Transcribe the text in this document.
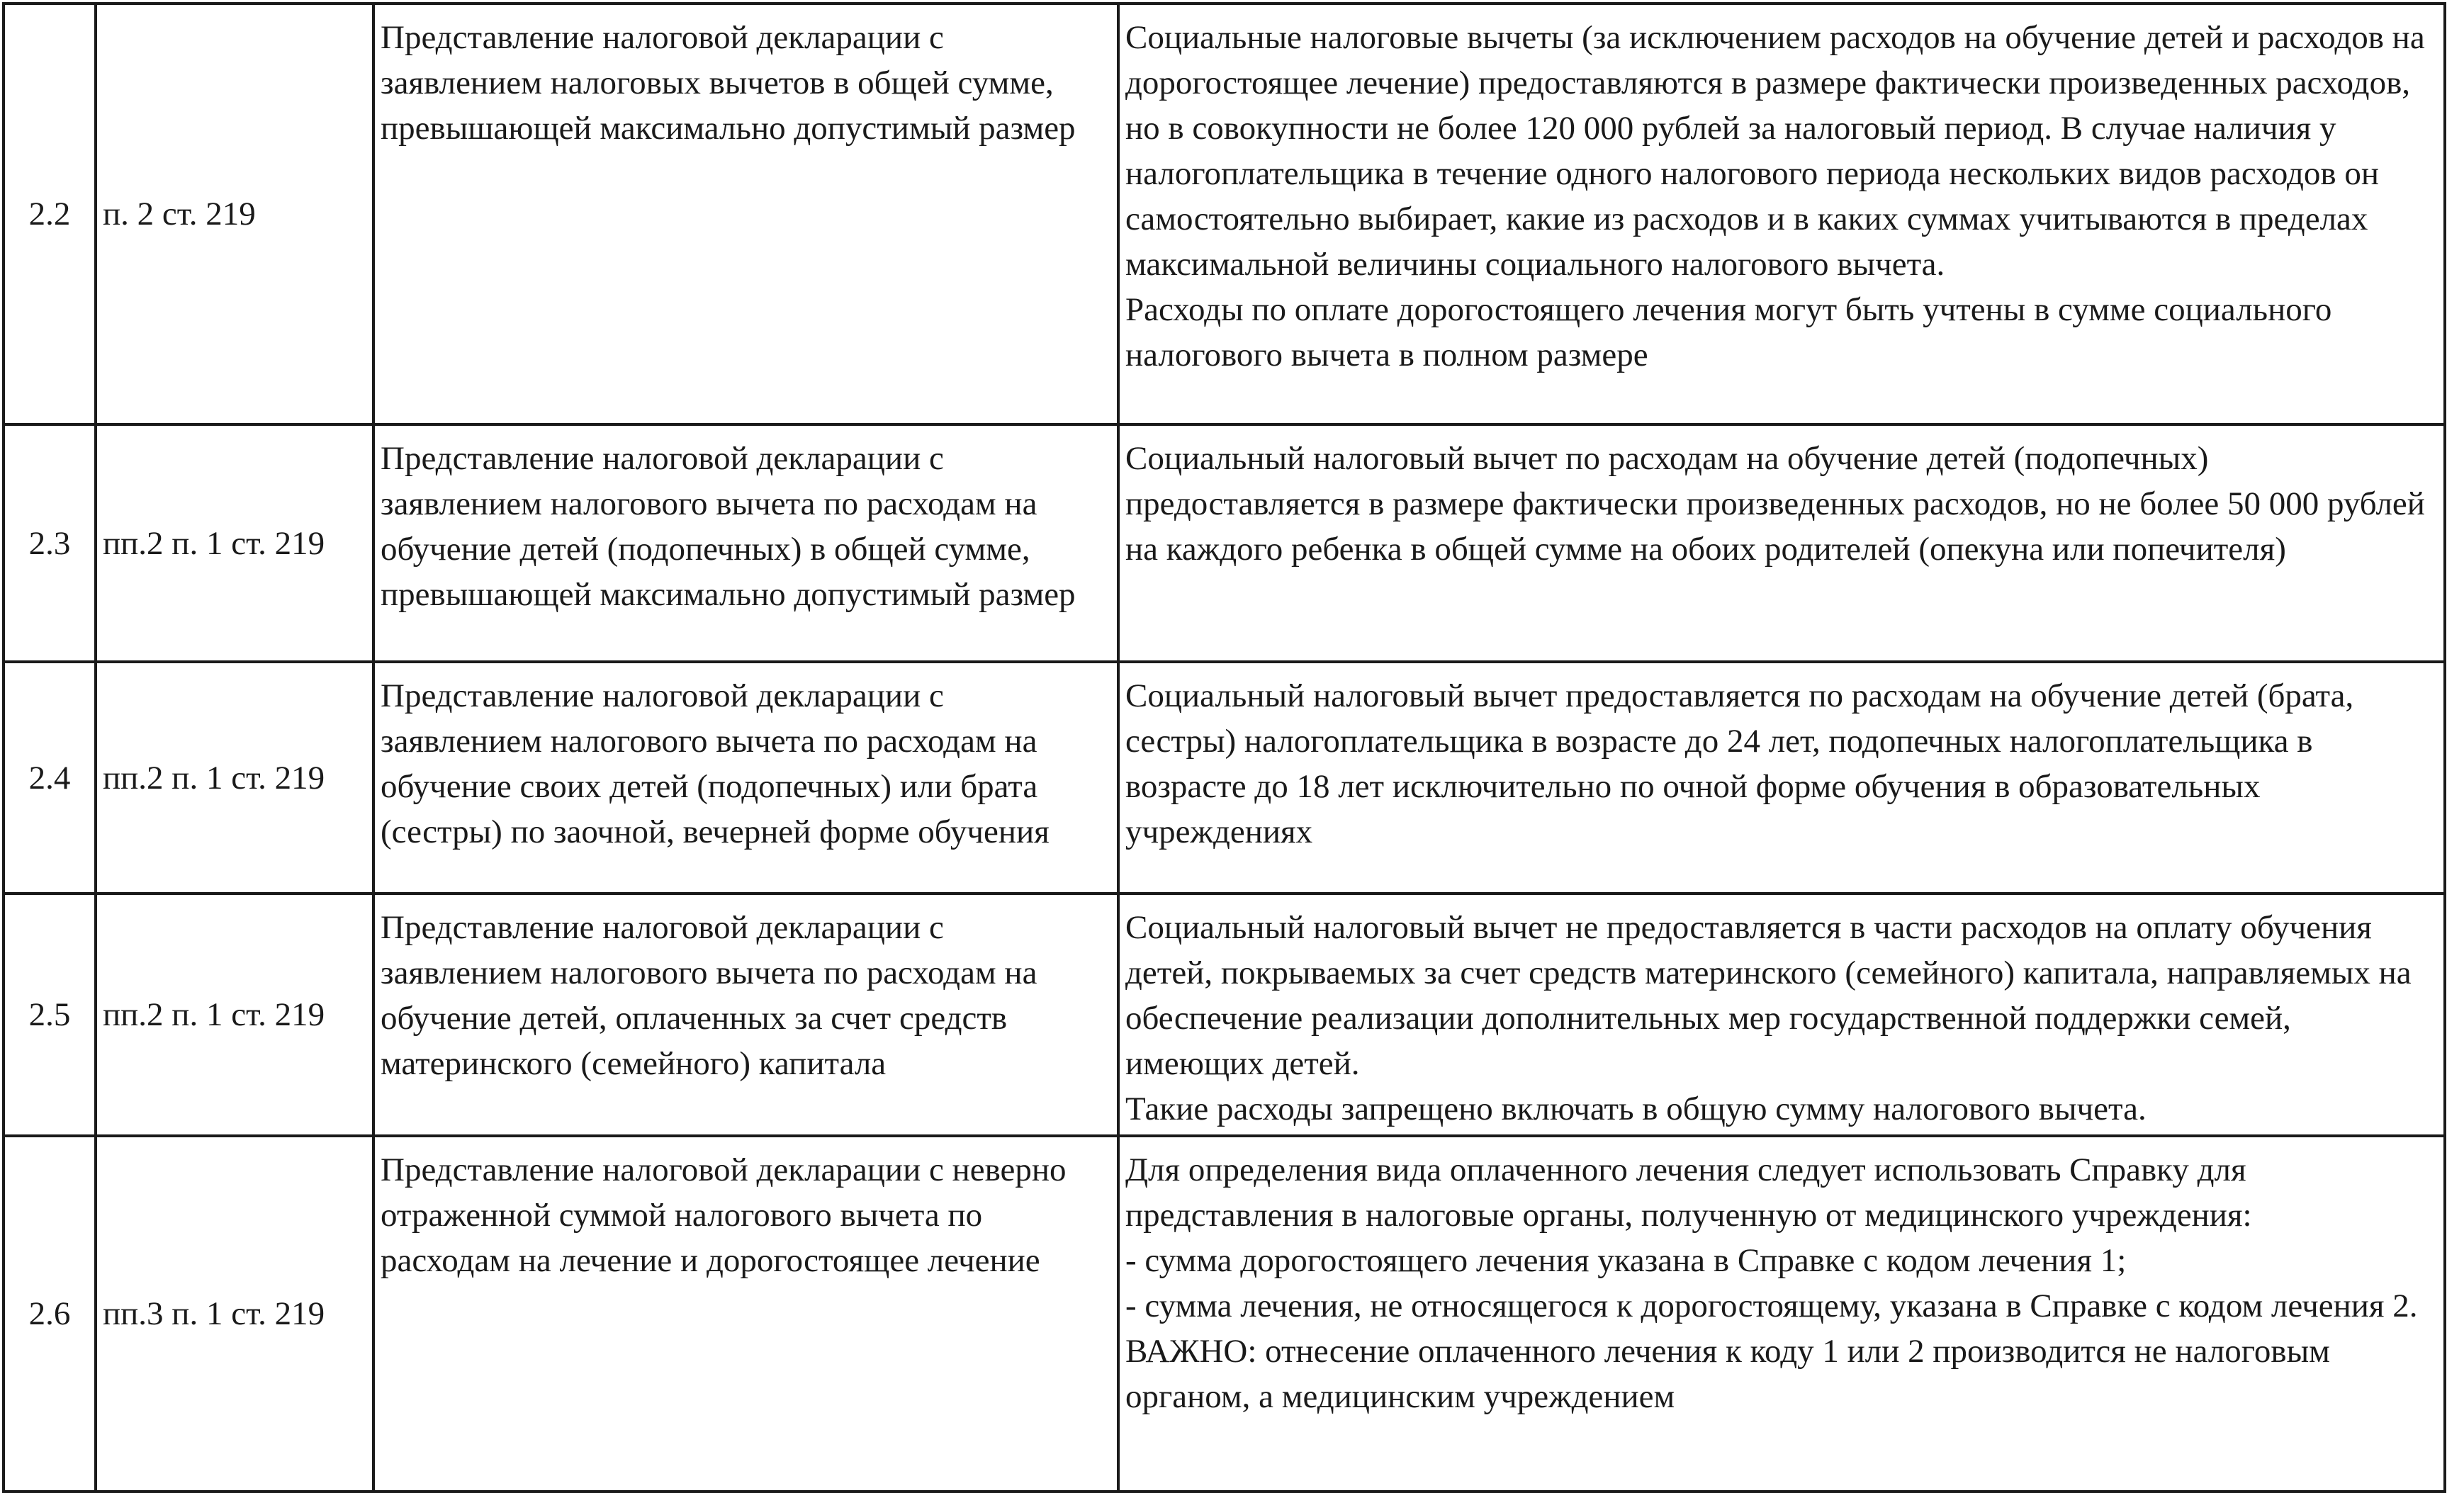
2.2	п. 2 ст. 219	Представление налоговой декларации с заявлением налоговых вычетов в общей сумме, превышающей максимально допустимый размер	Социальные налоговые вычеты (за исключением расходов на обучение детей и расходов на дорогостоящее лечение) предоставляются в размере фактически произведенных расходов, но в совокупности не более 120 000 рублей за налоговый период. В случае наличия у налогоплательщика в течение одного налогового периода нескольких видов расходов он самостоятельно выбирает, какие из расходов и в каких суммах учитываются в пределах максимальной величины социального налогового вычета.
Расходы по оплате дорогостоящего лечения могут быть учтены в сумме социального налогового вычета в полном размере

2.3	пп.2 п. 1 ст. 219	Представление налоговой декларации с заявлением налогового вычета по расходам на обучение детей (подопечных) в общей сумме, превышающей максимально допустимый размер	Социальный налоговый вычет по расходам на обучение детей (подопечных) предоставляется в размере фактически произведенных расходов, но не более 50 000 рублей на каждого ребенка в общей сумме на обоих родителей (опекуна или попечителя)

2.4	пп.2 п. 1 ст. 219	Представление налоговой декларации с заявлением налогового вычета по расходам на обучение своих детей (подопечных) или брата (сестры) по заочной, вечерней форме обучения	Социальный налоговый вычет предоставляется по расходам на обучение детей (брата, сестры) налогоплательщика в возрасте до 24 лет, подопечных налогоплательщика в возрасте до 18 лет исключительно по очной форме обучения в образовательных учреждениях

2.5	пп.2 п. 1 ст. 219	Представление налоговой декларации с заявлением налогового вычета по расходам на обучение детей, оплаченных за счет средств материнского (семейного) капитала	Социальный налоговый вычет не предоставляется в части расходов на оплату обучения детей, покрываемых за счет средств материнского (семейного) капитала, направляемых на обеспечение реализации дополнительных мер государственной поддержки семей, имеющих детей.
Такие расходы запрещено включать в общую сумму налогового вычета.

2.6	пп.3 п. 1 ст. 219	Представление налоговой декларации с неверно отраженной суммой налогового вычета по расходам на лечение и дорогостоящее лечение	Для определения вида оплаченного лечения следует использовать Справку для представления в налоговые органы, полученную от медицинского учреждения:
- сумма дорогостоящего лечения указана в Справке с кодом лечения 1;
- сумма лечения, не относящегося к дорогостоящему, указана в Справке с кодом лечения 2.
ВАЖНО: отнесение оплаченного лечения к коду 1 или 2 производится не налоговым органом, а медицинским учреждением
